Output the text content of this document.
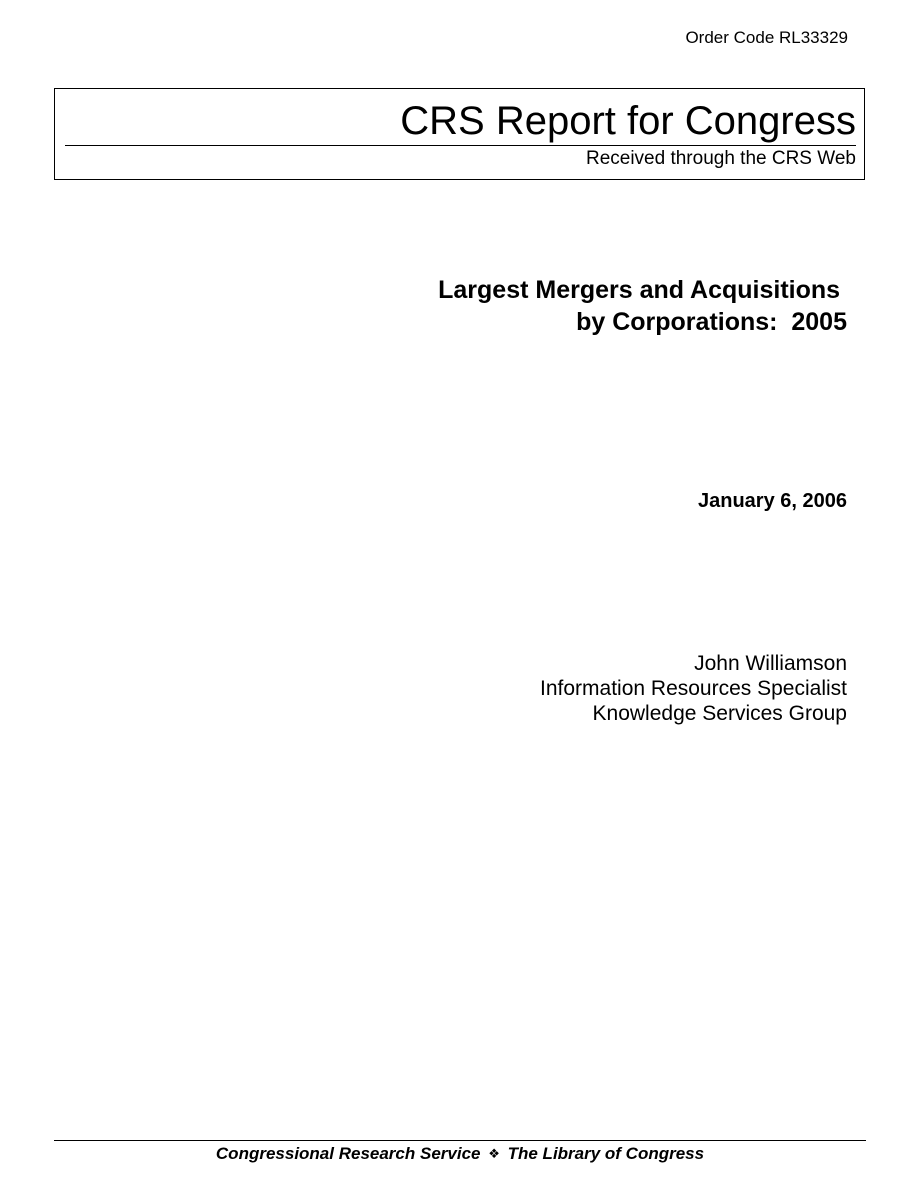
Order Code RL33329
CRS Report for Congress
Received through the CRS Web
Largest Mergers and Acquisitions
by Corporations:  2005
January 6, 2006
John Williamson
Information Resources Specialist
Knowledge Services Group
Congressional Research Service ❖ The Library of Congress
